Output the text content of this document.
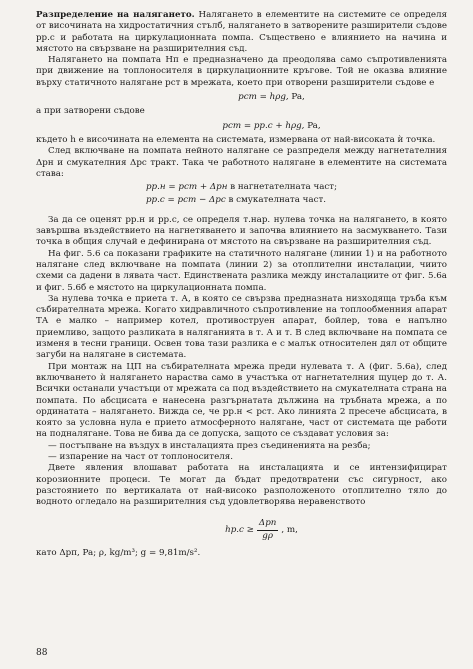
Разпределение на налягането. Налягането в елементите на системите се определя от височината на хидростатичния стълб, налягането в затворените разширители съдове pр.с и работата на циркулационната помпа. Съществено е влиянието на начина и мястото на свързване на разширителния съд.

Налягането на помпата Hп е предназначено да преодолява само съпротивленията при движение на топлоносителя в циркулационните кръгове. Той не оказва влияние върху статичното налягане pст в мрежата, което при отворени разширители съдове е

pст = hρg, Pa,

а при затворени съдове

pст = pр.с + hρg, Pa,

където h е височината на елемента на системата, измервана от най-високата ѝ точка.

След включване на помпата нейното налягане се разпределя между нагнетателния Δpн и смукателния Δpс тракт. Така че работното налягане в елементите на системата става:

pр.н = pст + Δpн в нагнетателната част;
pр.с = pст − Δpс в смукателната част.

За да се оценят pр.н и pр.с, се определя т.нар. нулева точка на налягането, в която завършва въздействието на нагнетяването и започва влиянието на засмукването. Тази точка в общия случай е дефинирана от мястото на свързване на разширителния съд.

На фиг. 5.6 са показани графиките на статичното налягане (линии 1) и на работното налягане след включване на помпата (линии 2) за отоплителни инсталации, чиито схеми са дадени в лявата част. Единствената разлика между инсталациите от фиг. 5.6а и фиг. 5.6б е мястото на циркулационната помпа.

За нулева точка е приета т. А, в която се свързва предназната низходяща тръба към събирателната мрежа. Когато хидравличното съпротивление на топлообменния апарат ТА е малко – например котел, противоструен апарат, бойлер, това е напълно приемливо, защото разликата в наляганията в т. А и т. В след включване на помпата се изменя в тесни граници. Освен това тази разлика е с малък относителен дял от общите загуби на налягане в системата.

При монтаж на ЦП на събирателната мрежа преди нулевата т. А (фиг. 5.6а), след включването ѝ налягането нараства само в участъка от нагнетателния щуцер до т. А. Всички останали участъци от мрежата са под въздействието на смукателната страна на помпата. По абсцисата е нанесена разгърнатата дължина на тръбната мрежа, а по ординатата – налягането. Вижда се, че pр.н < pст. Ако линията 2 пресече абсцисата, в която за условна нула е прието атмосферното налягане, част от системата ще работи на подналягане. Това не бива да се допуска, защото се създават условия за:

— постъпване на въздух в инсталацията през съединенията на резба;

— изпарение на част от топлоносителя.

Двете явления влошават работата на инсталацията и се интензифицират корозионните процеси. Те могат да бъдат предотвратени със сигурност, ако разстоянието по вертикалата от най-високо разположеното отоплително тяло до водното огледало на разширителния съд удовлетворява неравенството

$hр.с \ge \frac{\text{Δpп}}{g\rho}$ , m,

като Δpп, Pa; ρ, kg/m³; g = 9,81m/s².

88
